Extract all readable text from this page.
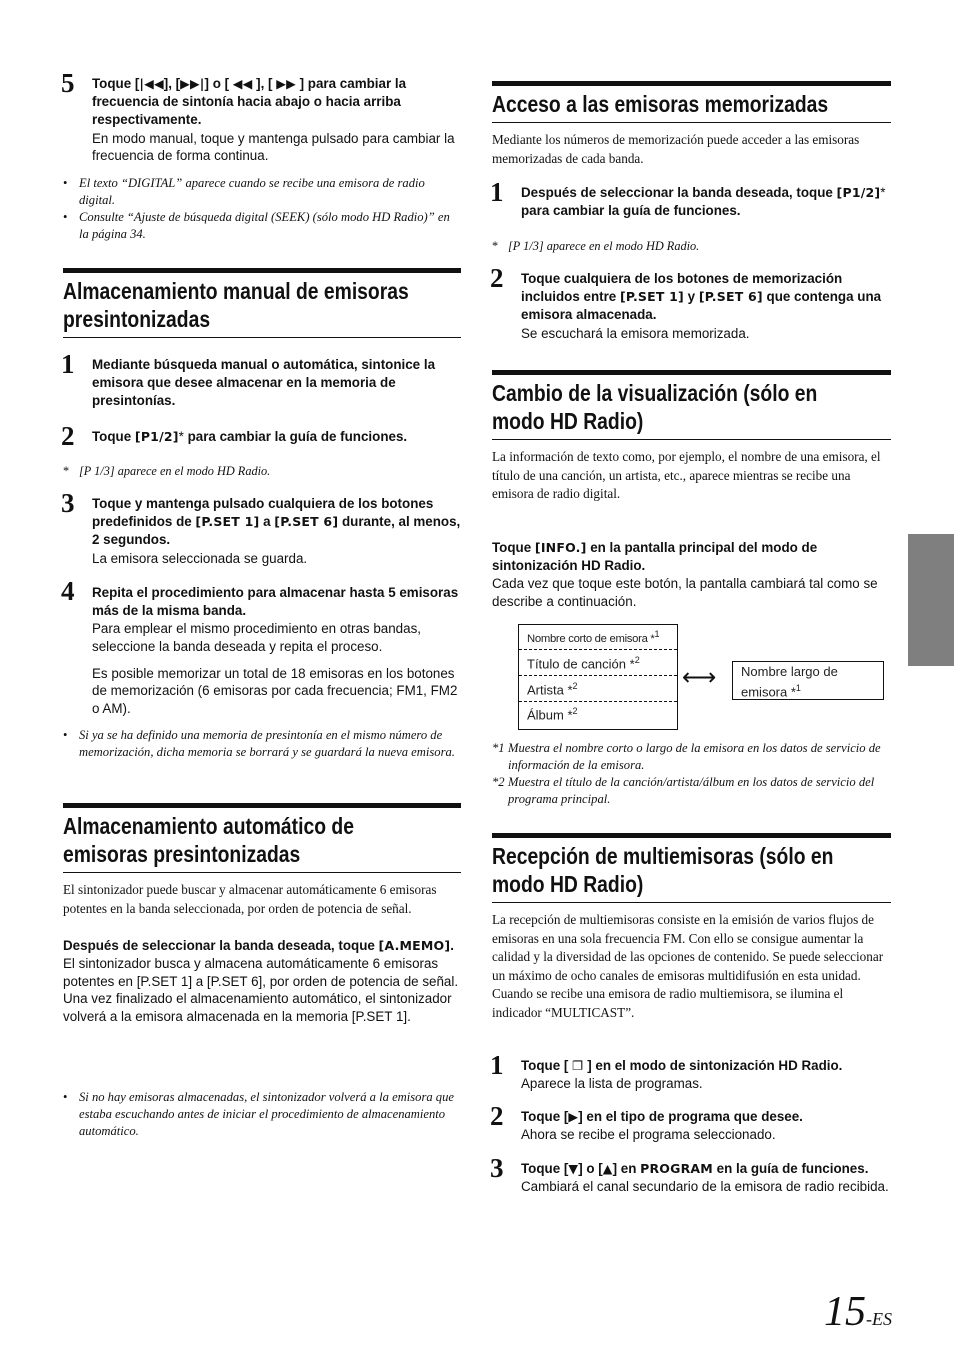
5 Toque [|◀◀], [▶▶|] o [ ◀◀ ], [ ▶▶ ] para cambiar la frecuencia de sintonía hacia abajo o hacia arriba respectivamente.
En modo manual, toque y mantenga pulsado para cambiar la frecuencia de forma continua.
• El texto “DIGITAL” aparece cuando se recibe una emisora de radio digital.
• Consulte “Ajuste de búsqueda digital (SEEK) (sólo modo HD Radio)” en la página 34.
Almacenamiento manual de emisoras
presintonizadas
1 Mediante búsqueda manual o automática, sintonice la emisora que desee almacenar en la memoria de presintonías.
2 Toque [P1/2]* para cambiar la guía de funciones.
* [P 1/3] aparece en el modo HD Radio.
3 Toque y mantenga pulsado cualquiera de los botones predefinidos de [P.SET 1] a [P.SET 6] durante, al menos, 2 segundos.
La emisora seleccionada se guarda.
4 Repita el procedimiento para almacenar hasta 5 emisoras más de la misma banda.
Para emplear el mismo procedimiento en otras bandas, seleccione la banda deseada y repita el proceso.
Es posible memorizar un total de 18 emisoras en los botones de memorización (6 emisoras por cada frecuencia; FM1, FM2 o AM).
• Si ya se ha definido una memoria de presintonía en el mismo número de memorización, dicha memoria se borrará y se guardará la nueva emisora.
Almacenamiento automático de
emisoras presintonizadas
El sintonizador puede buscar y almacenar automáticamente 6 emisoras potentes en la banda seleccionada, por orden de potencia de señal.
Después de seleccionar la banda deseada, toque [A.MEMO].
El sintonizador busca y almacena automáticamente 6 emisoras potentes en [P.SET 1] a [P.SET 6], por orden de potencia de señal.
Una vez finalizado el almacenamiento automático, el sintonizador volverá a la emisora almacenada en la memoria [P.SET 1].
• Si no hay emisoras almacenadas, el sintonizador volverá a la emisora que estaba escuchando antes de iniciar el procedimiento de almacenamiento automático.
Acceso a las emisoras memorizadas
Mediante los números de memorización puede acceder a las emisoras memorizadas de cada banda.
1 Después de seleccionar la banda deseada, toque [P1/2]* para cambiar la guía de funciones.
* [P 1/3] aparece en el modo HD Radio.
2 Toque cualquiera de los botones de memorización incluidos entre [P.SET 1] y [P.SET 6] que contenga una emisora almacenada.
Se escuchará la emisora memorizada.
Cambio de la visualización (sólo en
modo HD Radio)
La información de texto como, por ejemplo, el nombre de una emisora, el título de una canción, un artista, etc., aparece mientras se recibe una emisora de radio digital.
Toque [INFO.] en la pantalla principal del modo de sintonización HD Radio.
Cada vez que toque este botón, la pantalla cambiará tal como se describe a continuación.
Nombre corto de emisora *$^1$
Título de canción *$^2$
Artista *$^2$
Álbum *$^2$
⟷	Nombre largo de
emisora *$^1$
*1 Muestra el nombre corto o largo de la emisora en los datos de servicio de información de la emisora.
*2 Muestra el título de la canción/artista/álbum en los datos de servicio del programa principal.
Recepción de multiemisoras (sólo en
modo HD Radio)
La recepción de multiemisoras consiste en la emisión de varios flujos de emisoras en una sola frecuencia FM. Con ello se consigue aumentar la calidad y la diversidad de las opciones de contenido. Se puede seleccionar un máximo de ocho canales de emisoras multidifusión en esta unidad.
Cuando se recibe una emisora de radio multiemisora, se ilumina el indicador “MULTICAST”.
1 Toque [ ❐ ] en el modo de sintonización HD Radio.
Aparece la lista de programas.
2 Toque [▶] en el tipo de programa que desee.
Ahora se recibe el programa seleccionado.
3 Toque [▼] o [▲] en PROGRAM en la guía de funciones.
Cambiará el canal secundario de la emisora de radio recibida.
15-ES
